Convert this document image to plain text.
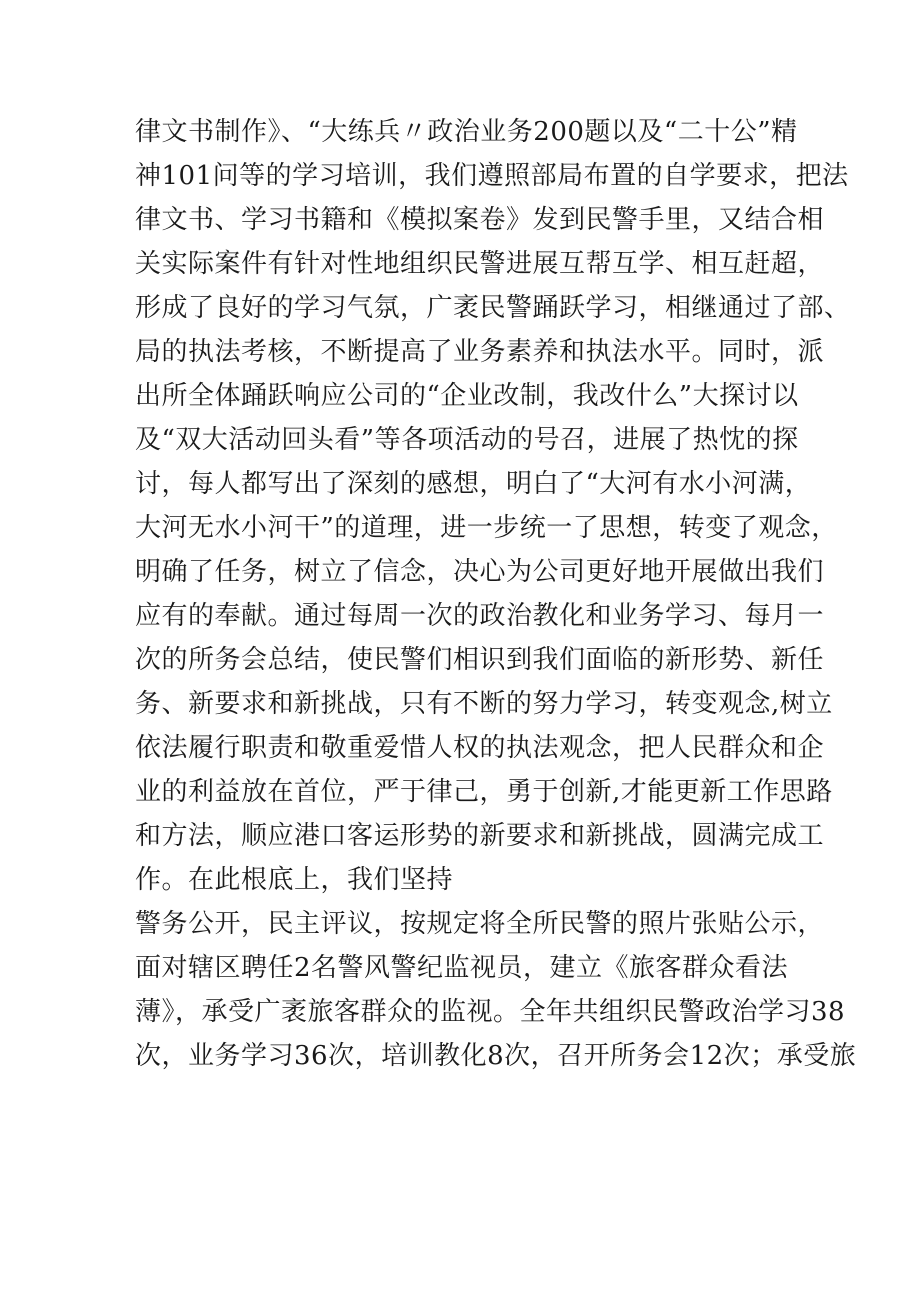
律文书制作》、“大练兵〃政治业务200题以及“二十公”精
神101问等的学习培训，我们遵照部局布置的自学要求，把法
律文书、学习书籍和《模拟案卷》发到民警手里，又结合相
关实际案件有针对性地组织民警进展互帮互学、相互赶超，
形成了良好的学习气氛，广袤民警踊跃学习，相继通过了部、
局的执法考核，不断提高了业务素养和执法水平。同时，派
出所全体踊跃响应公司的“企业改制，我改什么”大探讨以
及“双大活动回头看”等各项活动的号召，进展了热忱的探
讨，每人都写出了深刻的感想，明白了“大河有水小河满，
大河无水小河干”的道理，进一步统一了思想，转变了观念，
明确了任务，树立了信念，决心为公司更好地开展做出我们
应有的奉献。通过每周一次的政治教化和业务学习、每月一
次的所务会总结，使民警们相识到我们面临的新形势、新任
务、新要求和新挑战，只有不断的努力学习，转变观念,树立
依法履行职责和敬重爱惜人权的执法观念，把人民群众和企
业的利益放在首位，严于律己，勇于创新,才能更新工作思路
和方法，顺应港口客运形势的新要求和新挑战，圆满完成工
作。在此根底上，我们坚持
警务公开，民主评议，按规定将全所民警的照片张贴公示，
面对辖区聘任2名警风警纪监视员，建立《旅客群众看法
薄》，承受广袤旅客群众的监视。全年共组织民警政治学习38
次，业务学习36次，培训教化8次，召开所务会12次；承受旅
